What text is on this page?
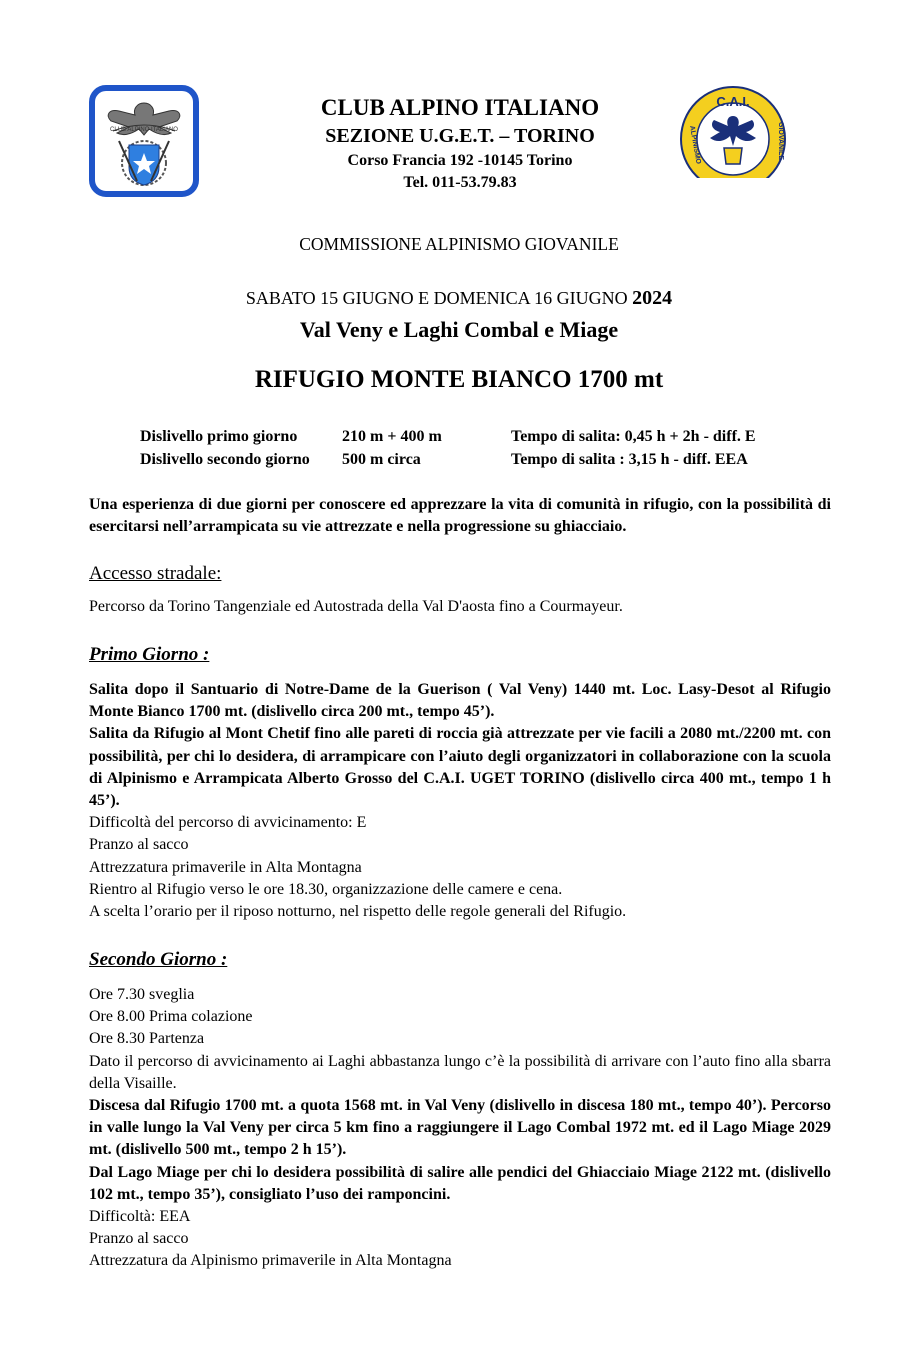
CLUB ALPINO ITALIANO
CLUB ALPINO ITALIANO
SEZIONE U.G.E.T. – TORINO
Corso Francia 192 -10145 Torino
Tel. 011-53.79.83
C.A.I.
ALPINISMO	GIOVANILE
COMMISSIONE ALPINISMO GIOVANILE
SABATO 15 GIUGNO E DOMENICA 16 GIUGNO 2024
Val Veny e Laghi Combal e Miage
RIFUGIO MONTE BIANCO 1700 mt
Dislivello primo giorno	210 m + 400 m	Tempo di salita: 0,45 h + 2h - diff. E
Dislivello secondo giorno 500 m circa	Tempo di salita : 3,15 h - diff. EEA
Una esperienza di due giorni per conoscere ed apprezzare la vita di comunità in rifugio, con la possibilità di esercitarsi nell’arrampicata su vie attrezzate e nella progressione su ghiacciaio.
Accesso stradale:
Percorso da Torino Tangenziale ed Autostrada della Val D'aosta fino a Courmayeur.
Primo Giorno :
Salita dopo il Santuario di Notre-Dame de la Guerison ( Val Veny) 1440 mt. Loc. Lasy-Desot al Rifugio Monte Bianco 1700 mt. (dislivello circa 200 mt., tempo 45’).
Salita da Rifugio al Mont Chetif fino alle pareti di roccia già attrezzate per vie facili a 2080 mt./2200 mt. con possibilità, per chi lo desidera, di arrampicare con l’aiuto degli organizzatori in collaborazione con la scuola di Alpinismo e Arrampicata Alberto Grosso del C.A.I. UGET TORINO (dislivello circa 400 mt., tempo 1 h 45’).
Difficoltà del percorso di avvicinamento: E
Pranzo al sacco
Attrezzatura primaverile in Alta Montagna
Rientro al Rifugio verso le ore 18.30, organizzazione delle camere e cena.
A scelta l’orario per il riposo notturno, nel rispetto delle regole generali del Rifugio.
Secondo Giorno :
Ore 7.30 sveglia
Ore 8.00 Prima colazione
Ore 8.30 Partenza
Dato il percorso di avvicinamento ai Laghi abbastanza lungo c’è la possibilità di arrivare con l’auto fino alla sbarra della Visaille.
Discesa dal Rifugio 1700 mt. a quota 1568 mt. in Val Veny (dislivello in discesa 180 mt., tempo 40’). Percorso in valle lungo la Val Veny per circa 5 km fino a raggiungere il Lago Combal 1972 mt. ed il Lago Miage 2029 mt. (dislivello 500 mt., tempo 2 h 15’).
Dal Lago Miage per chi lo desidera possibilità di salire alle pendici del Ghiacciaio Miage 2122 mt. (dislivello 102 mt., tempo 35’), consigliato l’uso dei ramponcini.
Difficoltà: EEA
Pranzo al sacco
Attrezzatura da Alpinismo primaverile in Alta Montagna
